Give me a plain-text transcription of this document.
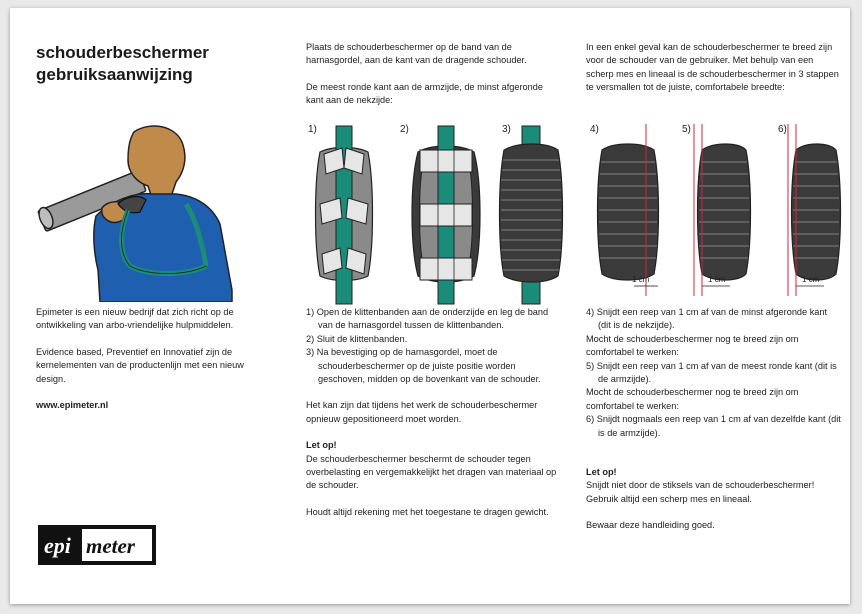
schouderbeschermer
gebruiksaanwijzing

Epimeter is een nieuw bedrijf dat zich richt op de ontwikkeling van arbo-vriendelijke hulpmiddelen.

Evidence based, Preventief en Innovatief zijn de kernelementen van de productenlijn met een nieuw design.

www.epimeter.nl

epi meter

Plaats de schouderbeschermer op de band van de harnasgordel, aan de kant van de dragende schouder.

De meest ronde kant aan de armzijde, de minst afgeronde kant aan de nekzijde:

1)	2)	3)
1) Open de klittenbanden aan de onderzijde en leg de band van de harnasgordel tussen de klittenbanden.
2) Sluit de klittenbanden.
3) Na bevestiging op de harnasgordel, moet de schouderbeschermer op de juiste positie worden geschoven, midden op de bovenkant van de schouder.

Het kan zijn dat tijdens het werk de schouderbeschermer opnieuw gepositioneerd moet worden.

Let op!

De schouderbeschermer beschermt de schouder tegen overbelasting en vergemakkelijkt het dragen van materiaal op de schouder.

Houdt altijd rekening met het toegestane te dragen gewicht.

In een enkel geval kan de schouderbeschermer te breed zijn voor de schouder van de gebruiker. Met behulp van een scherp mes en lineaal is de schouderbeschermer in 3 stappen te versmallen tot de juiste, comfortabele breedte:

4)
1 cm
5)
1 cm
6)
1 cm
4) Snijdt een reep van 1 cm af van de minst afgeronde kant (dit is de nekzijde).
Mocht de schouderbeschermer nog te breed zijn om comfortabel te werken:
5) Snijdt een reep van 1 cm af van de meest ronde kant (dit is de armzijde).
Mocht de schouderbeschermer nog te breed zijn om comfortabel te werken:
6) Snijdt nogmaals een reep van 1 cm af van dezelfde kant (dit is de armzijde).
Let op!
Snijdt niet door de stiksels van de schouderbeschermer!

Gebruik altijd een scherp mes en lineaal.

Bewaar deze handleiding goed.
